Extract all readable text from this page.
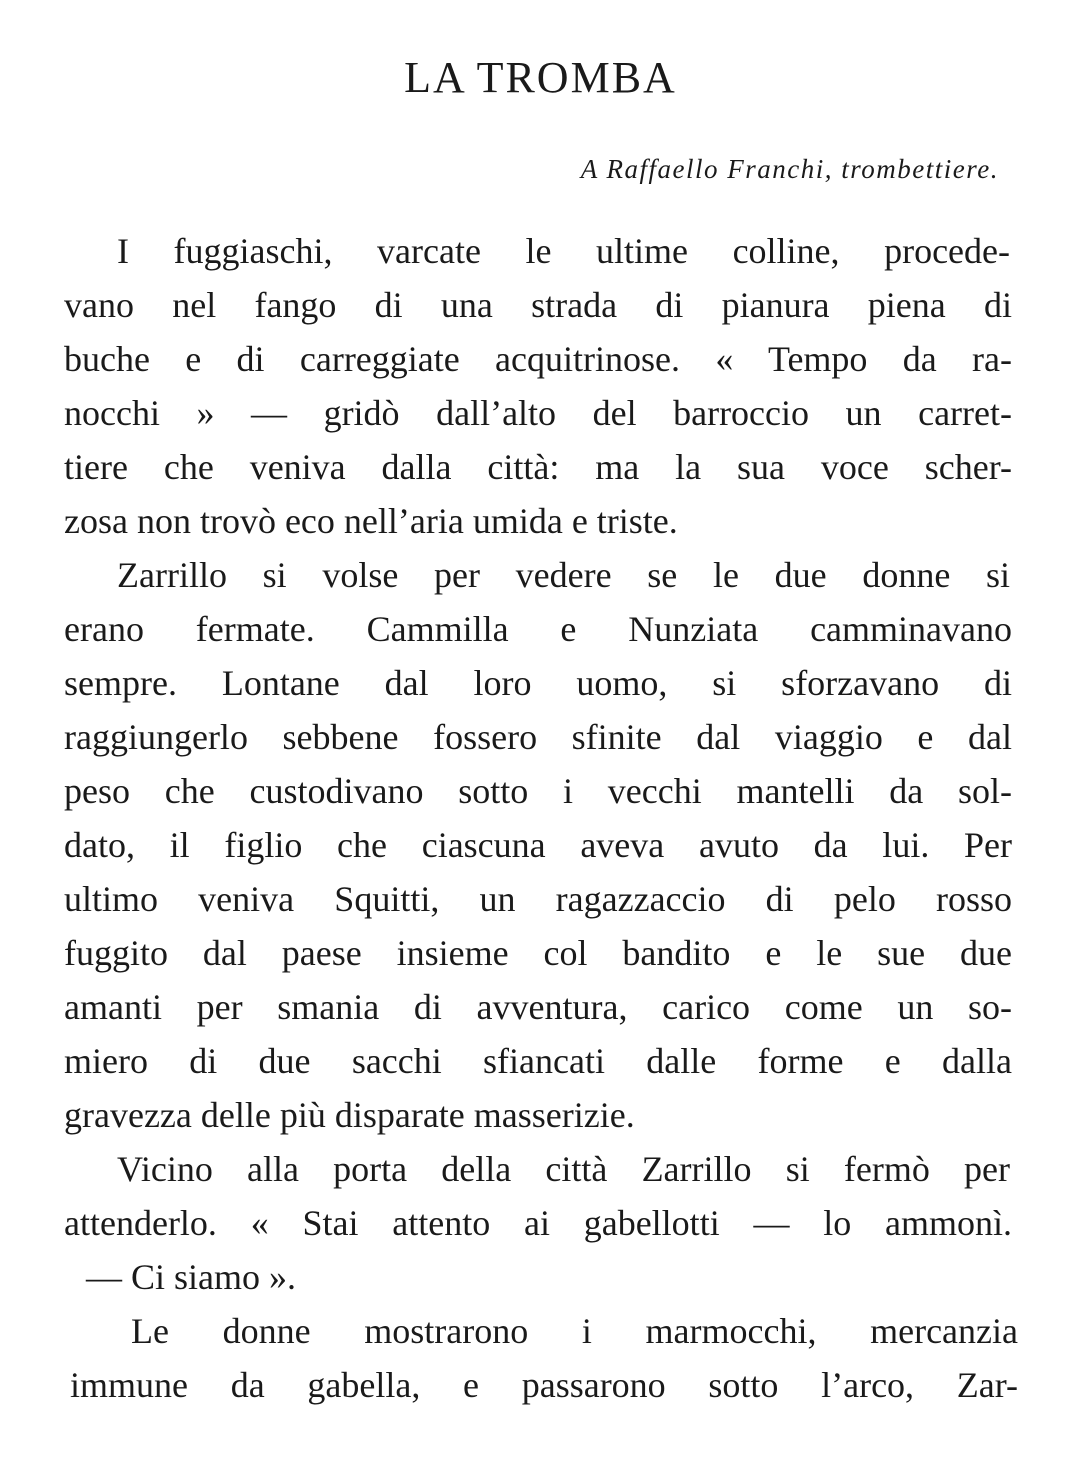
LA TROMBA

A Raffaello Franchi, trombettiere.

I fuggiaschi, varcate le ultime colline, procede-

vano nel fango di una strada di pianura piena di

buche e di carreggiate acquitrinose. « Tempo da ra-

nocchi » — gridò dall’alto del barroccio un carret-

tiere che veniva dalla città: ma la sua voce scher-

zosa non trovò eco nell’aria umida e triste.

Zarrillo si volse per vedere se le due donne si

erano fermate. Cammilla e Nunziata camminavano

sempre. Lontane dal loro uomo, si sforzavano di

raggiungerlo sebbene fossero sfinite dal viaggio e dal

peso che custodivano sotto i vecchi mantelli da sol-

dato, il figlio che ciascuna aveva avuto da lui. Per

ultimo veniva Squitti, un ragazzaccio di pelo rosso

fuggito dal paese insieme col bandito e le sue due

amanti per smania di avventura, carico come un so-

miero di due sacchi sfiancati dalle forme e dalla

gravezza delle più disparate masserizie.

Vicino alla porta della città Zarrillo si fermò per

attenderlo. « Stai attento ai gabellotti — lo ammonì.

— Ci siamo ».

Le donne mostrarono i marmocchi, mercanzia

immune da gabella, e passarono sotto l’arco, Zar-
